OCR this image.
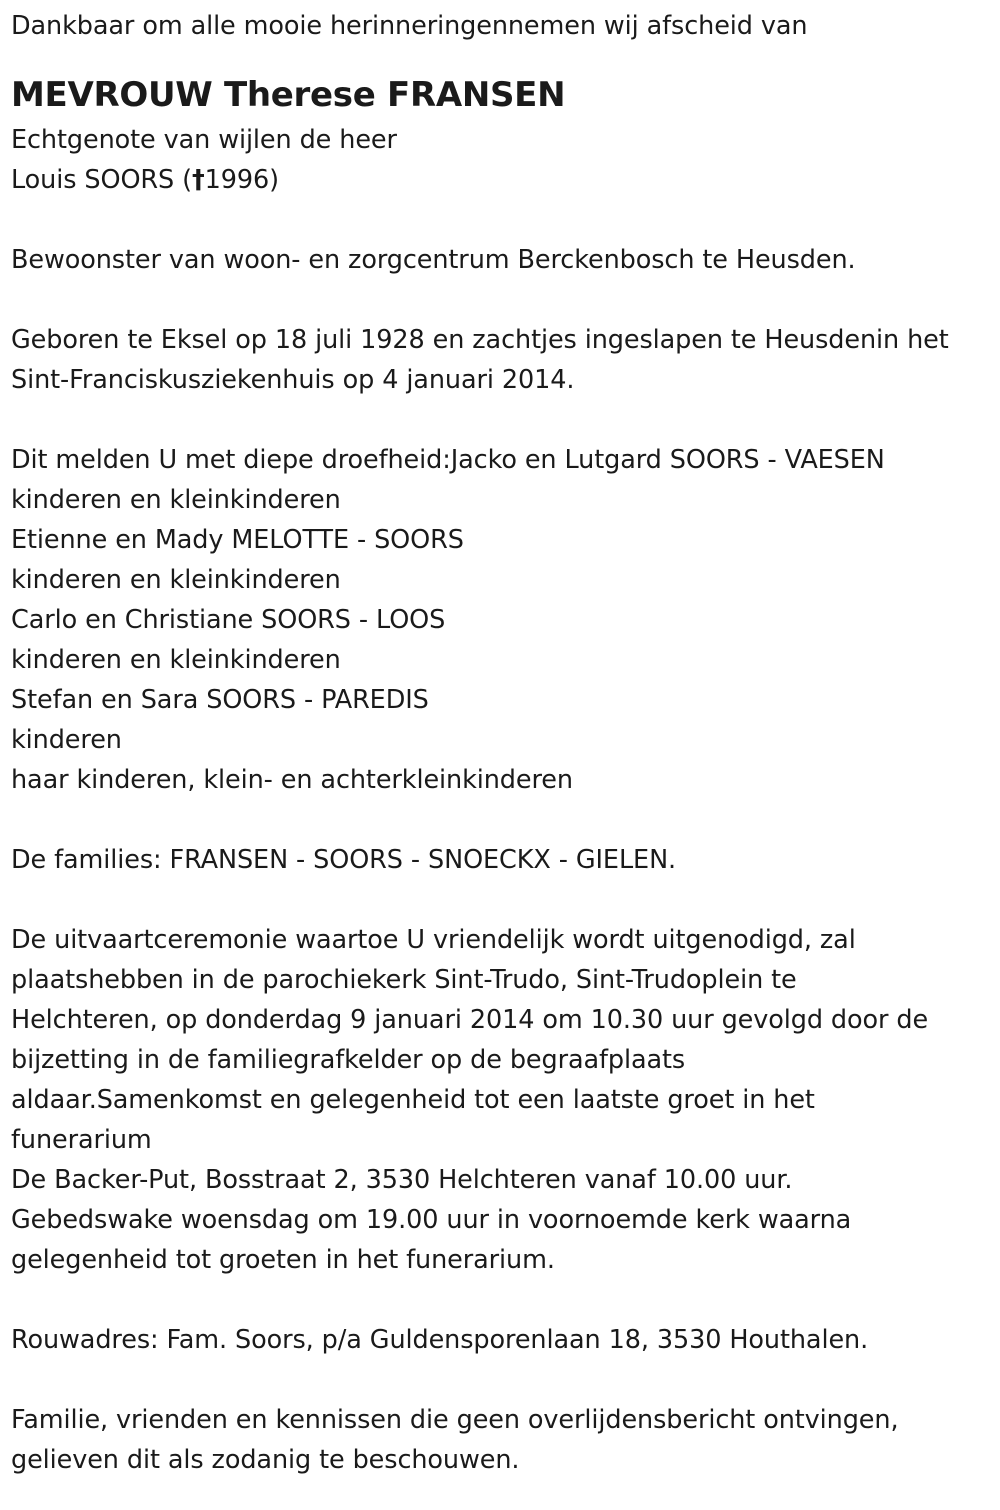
Dankbaar om alle mooie herinneringennemen wij afscheid van
MEVROUW Therese FRANSEN
Echtgenote van wijlen de heer
Louis SOORS (†1996)
Bewoonster van woon- en zorgcentrum Berckenbosch te Heusden.
Geboren te Eksel op 18 juli 1928 en zachtjes ingeslapen te Heusdenin het
Sint-Franciskusziekenhuis op 4 januari 2014.
Dit melden U met diepe droefheid:Jacko en Lutgard SOORS - VAESEN
kinderen en kleinkinderen
Etienne en Mady MELOTTE - SOORS
kinderen en kleinkinderen
Carlo en Christiane SOORS - LOOS
kinderen en kleinkinderen
Stefan en Sara SOORS - PAREDIS
kinderen
haar kinderen, klein- en achterkleinkinderen
De families: FRANSEN - SOORS - SNOECKX - GIELEN.
De uitvaartceremonie waartoe U vriendelijk wordt uitgenodigd, zal
plaatshebben in de parochiekerk Sint-Trudo, Sint-Trudoplein te
Helchteren, op donderdag 9 januari 2014 om 10.30 uur gevolgd door de
bijzetting in de familiegrafkelder op de begraafplaats
aldaar.Samenkomst en gelegenheid tot een laatste groet in het
funerarium
De Backer-Put, Bosstraat 2, 3530 Helchteren vanaf 10.00 uur.
Gebedswake woensdag om 19.00 uur in voornoemde kerk waarna
gelegenheid tot groeten in het funerarium.
Rouwadres: Fam. Soors, p/a Guldensporenlaan 18, 3530 Houthalen.
Familie, vrienden en kennissen die geen overlijdensbericht ontvingen,
gelieven dit als zodanig te beschouwen.
